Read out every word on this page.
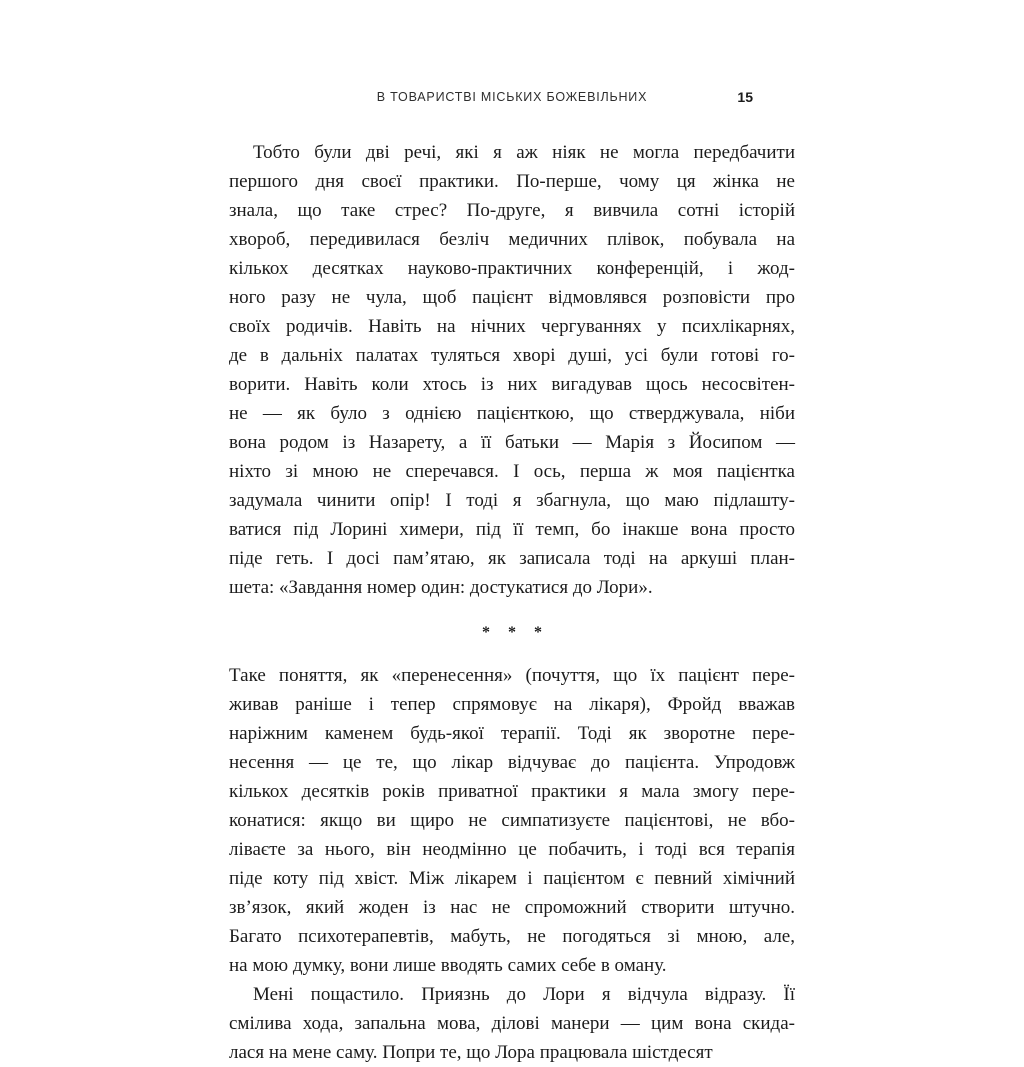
В ТОВАРИСТВІ МІСЬКИХ БОЖЕВІЛЬНИХ	15

Тобто були дві речі, які я аж ніяк не могла передбачити
першого дня своєї практики. По-перше, чому ця жінка не
знала, що таке стрес? По-друге, я вивчила сотні історій
хвороб, передивилася безліч медичних плівок, побувала на
кількох десятках науково-практичних конференцій, і жод-
ного разу не чула, щоб пацієнт відмовлявся розповісти про
своїх родичів. Навіть на нічних чергуваннях у психлікарнях,
де в дальніх палатах туляться хворі душі, усі були готові го-
ворити. Навіть коли хтось із них вигадував щось несосвітен-
не — як було з однією пацієнткою, що стверджувала, ніби
вона родом із Назарету, а її батьки — Марія з Йосипом —
ніхто зі мною не сперечався. І ось, перша ж моя пацієнтка
задумала чинити опір! І тоді я збагнула, що маю підлашту-
ватися під Лорині химери, під її темп, бо інакше вона просто
піде геть. І досі пам’ятаю, як записала тоді на аркуші план-
шета: «Завдання номер один: достукатися до Лори».

* * *

Таке поняття, як «перенесення» (почуття, що їх пацієнт пере-
живав раніше і тепер спрямовує на лікаря), Фройд вважав
наріжним каменем будь-якої терапії. Тоді як зворотне пере-
несення — це те, що лікар відчуває до пацієнта. Упродовж
кількох десятків років приватної практики я мала змогу пере-
конатися: якщо ви щиро не симпатизуєте пацієнтові, не вбо-
ліваєте за нього, він неодмінно це побачить, і тоді вся терапія
піде коту під хвіст. Між лікарем і пацієнтом є певний хімічний
зв’язок, який жоден із нас не спроможний створити штучно.
Багато психотерапевтів, мабуть, не погодяться зі мною, але,
на мою думку, вони лише вводять самих себе в оману.

Мені пощастило. Приязнь до Лори я відчула відразу. Її
смілива хода, запальна мова, ділові манери — цим вона скида-
лася на мене саму. Попри те, що Лора працювала шістдесят
